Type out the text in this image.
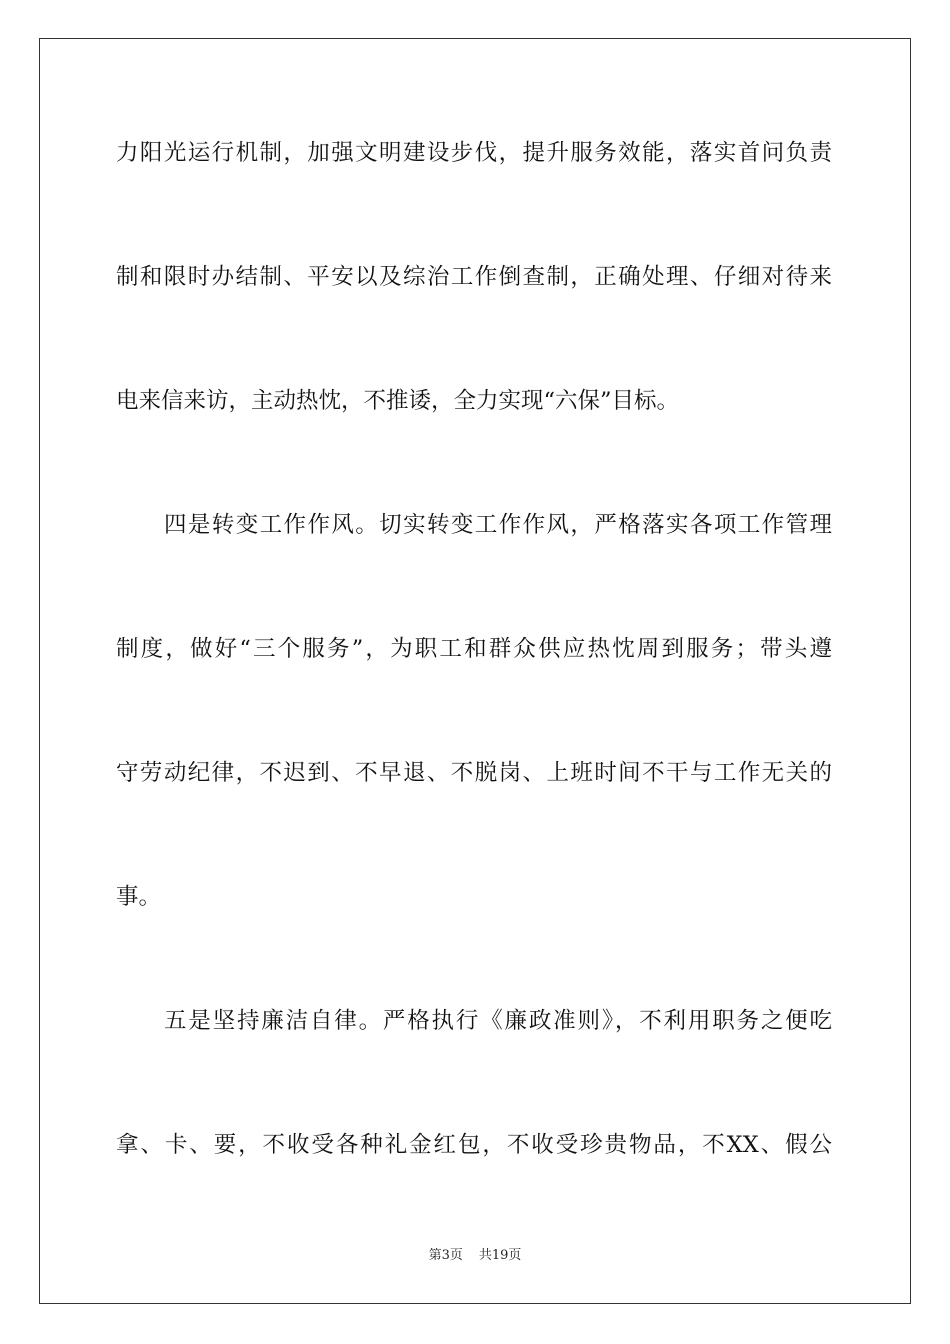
力阳光运行机制，加强文明建设步伐，提升服务效能，落实首问负责
制和限时办结制、平安以及综治工作倒查制，正确处理、仔细对待来
电来信来访，主动热忱，不推诿，全力实现“六保”目标。
四是转变工作作风。切实转变工作作风，严格落实各项工作管理
制度，做好“三个服务”，为职工和群众供应热忱周到服务；带头遵
守劳动纪律，不迟到、不早退、不脱岗、上班时间不干与工作无关的
事。
五是坚持廉洁自律。严格执行《廉政准则》，不利用职务之便吃
拿、卡、要，不收受各种礼金红包，不收受珍贵物品，不XX、假公
第3页 共19页
